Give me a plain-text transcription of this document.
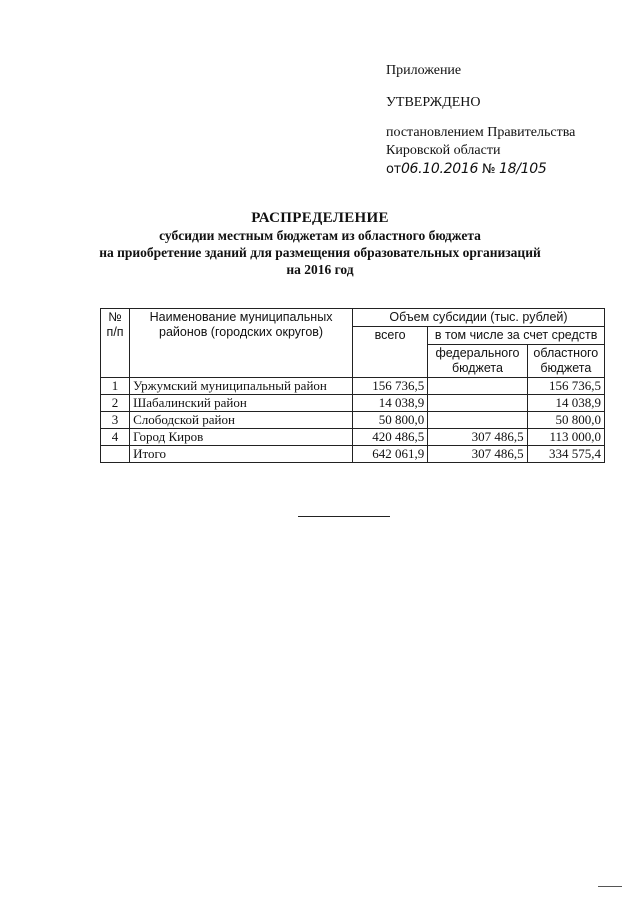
Приложение
УТВЕРЖДЕНО
постановлением Правительства
Кировской области
от06.10.2016 № 18/105
РАСПРЕДЕЛЕНИЕ
субсидии местным бюджетам из областного бюджета
на приобретение зданий для размещения образовательных организаций
на 2016 год
№ п/п	Наименование муниципальных районов (городских округов)	Объем субсидии (тыс. рублей)		
		всего	в том числе за счет средств	
			федерального бюджета	областного бюджета
1	Уржумский муниципальный район	156 736,5		156 736,5
2	Шабалинский район	14 038,9		14 038,9
3	Слободской район	50 800,0		50 800,0
4	Город Киров	420 486,5	307 486,5	113 000,0
	Итого	642 061,9	307 486,5	334 575,4
